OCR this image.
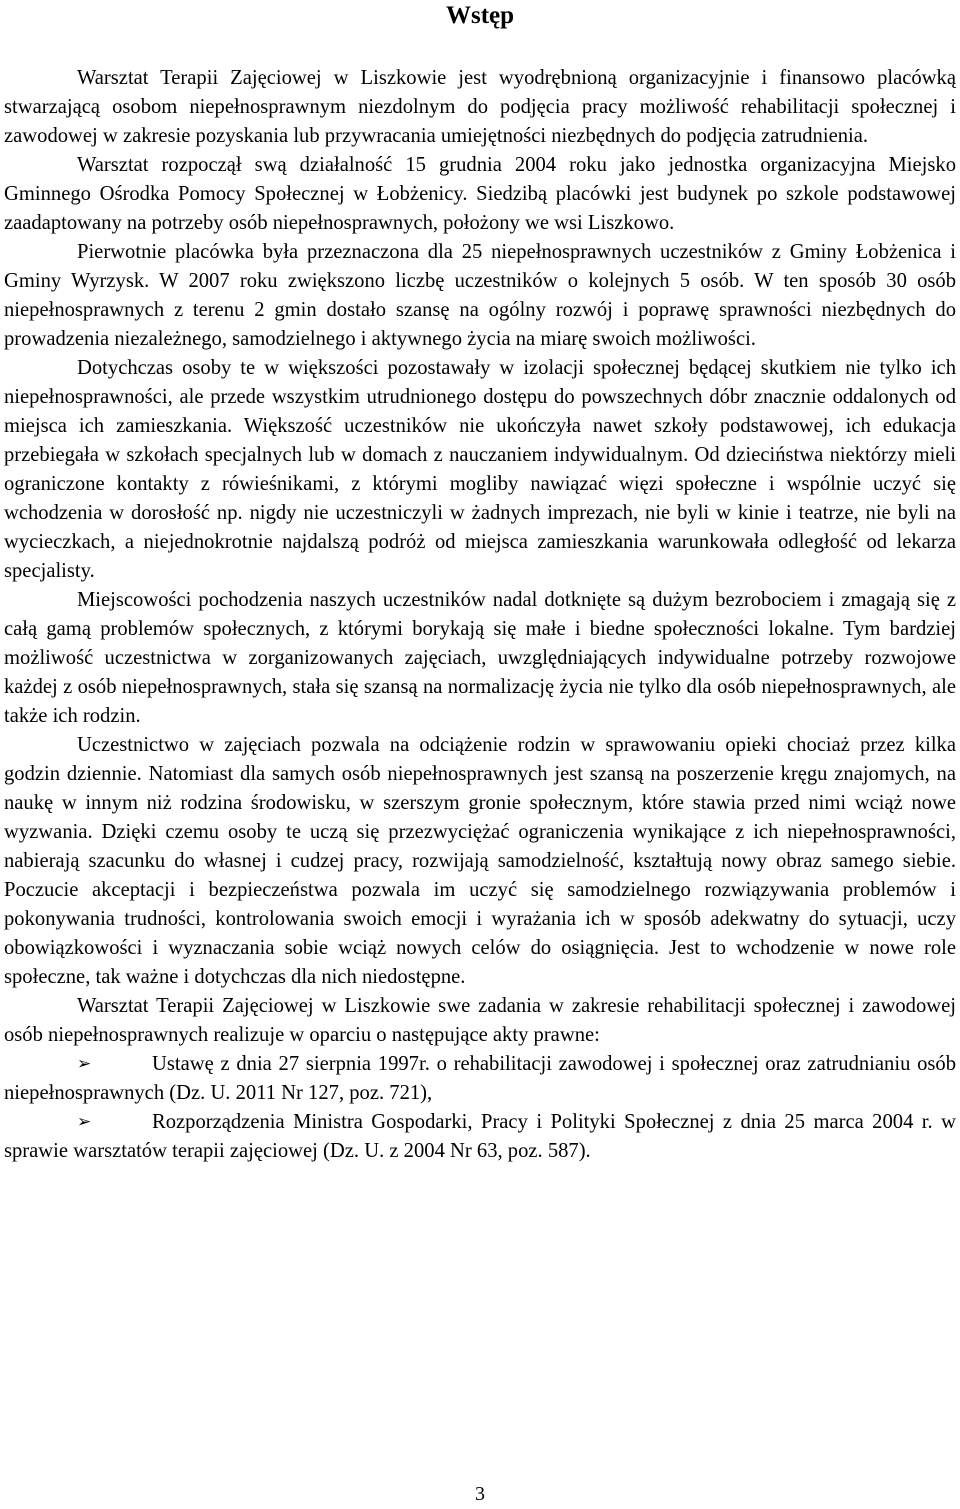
Wstęp

Warsztat Terapii Zajęciowej w Liszkowie jest wyodrębnioną organizacyjnie i finansowo placówką stwarzającą osobom niepełnosprawnym niezdolnym do podjęcia pracy możliwość rehabilitacji społecznej i zawodowej w zakresie pozyskania lub przywracania umiejętności niezbędnych do podjęcia zatrudnienia.

Warsztat rozpoczął swą działalność 15 grudnia 2004 roku jako jednostka organizacyjna Miejsko Gminnego Ośrodka Pomocy Społecznej w Łobżenicy. Siedzibą placówki jest budynek po szkole podstawowej zaadaptowany na potrzeby osób niepełnosprawnych, położony we wsi Liszkowo.

Pierwotnie placówka była przeznaczona dla 25 niepełnosprawnych uczestników z Gminy Łobżenica i Gminy Wyrzysk. W 2007 roku zwiększono liczbę uczestników o kolejnych 5 osób. W ten sposób 30 osób niepełnosprawnych z terenu 2 gmin dostało szansę na ogólny rozwój i poprawę sprawności niezbędnych do prowadzenia niezależnego, samodzielnego i aktywnego życia na miarę swoich możliwości.

Dotychczas osoby te w większości pozostawały w izolacji społecznej będącej skutkiem nie tylko ich niepełnosprawności, ale przede wszystkim utrudnionego dostępu do powszechnych dóbr znacznie oddalonych od miejsca ich zamieszkania. Większość uczestników nie ukończyła nawet szkoły podstawowej, ich edukacja przebiegała w szkołach specjalnych lub w domach z nauczaniem indywidualnym. Od dzieciństwa niektórzy mieli ograniczone kontakty z rówieśnikami, z którymi mogliby nawiązać więzi społeczne i wspólnie uczyć się wchodzenia w dorosłość np. nigdy nie uczestniczyli w żadnych imprezach, nie byli w kinie i teatrze, nie byli na wycieczkach, a niejednokrotnie najdalszą podróż od miejsca zamieszkania warunkowała odległość od lekarza specjalisty.

Miejscowości pochodzenia naszych uczestników nadal dotknięte są dużym bezrobociem i zmagają się z całą gamą problemów społecznych, z którymi borykają się małe i biedne społeczności lokalne. Tym bardziej możliwość uczestnictwa w zorganizowanych zajęciach, uwzględniających indywidualne potrzeby rozwojowe każdej z osób niepełnosprawnych, stała się szansą na normalizację życia nie tylko dla osób niepełnosprawnych, ale także ich rodzin.

Uczestnictwo w zajęciach pozwala na odciążenie rodzin w sprawowaniu opieki chociaż przez kilka godzin dziennie. Natomiast dla samych osób niepełnosprawnych jest szansą na poszerzenie kręgu znajomych, na naukę w innym niż rodzina środowisku, w szerszym gronie społecznym, które stawia przed nimi wciąż nowe wyzwania. Dzięki czemu osoby te uczą się przezwyciężać ograniczenia wynikające z ich niepełnosprawności, nabierają szacunku do własnej i cudzej pracy, rozwijają samodzielność, kształtują nowy obraz samego siebie. Poczucie akceptacji i bezpieczeństwa pozwala im uczyć się samodzielnego rozwiązywania problemów i pokonywania trudności, kontrolowania swoich emocji i wyrażania ich w sposób adekwatny do sytuacji, uczy obowiązkowości i wyznaczania sobie wciąż nowych celów do osiągnięcia. Jest to wchodzenie w nowe role społeczne, tak ważne i dotychczas dla nich niedostępne.

Warsztat Terapii Zajęciowej w Liszkowie swe zadania w zakresie rehabilitacji społecznej i zawodowej osób niepełnosprawnych realizuje w oparciu o następujące akty prawne:

➢	Ustawę z dnia 27 sierpnia 1997r. o rehabilitacji zawodowej i społecznej oraz zatrudnianiu osób niepełnosprawnych (Dz. U. 2011 Nr 127, poz. 721),
➢	Rozporządzenia Ministra Gospodarki, Pracy i Polityki Społecznej z dnia 25 marca 2004 r. w sprawie warsztatów terapii zajęciowej (Dz. U. z 2004 Nr 63, poz. 587).
3
